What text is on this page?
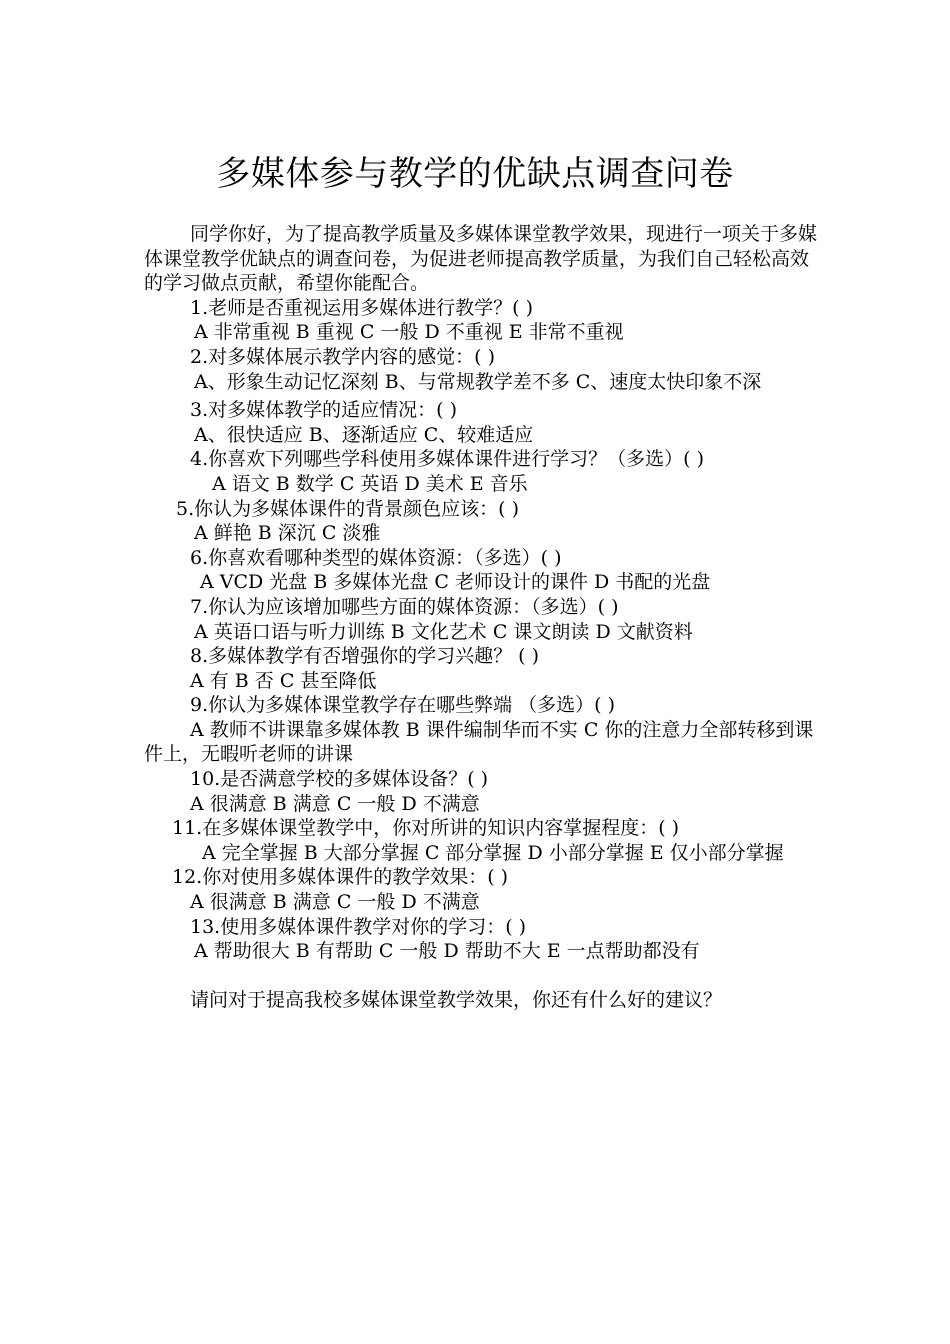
多媒体参与教学的优缺点调查问卷

同学你好，为了提高教学质量及多媒体课堂教学效果，现进行一项关于多媒体课堂教学优缺点的调查问卷，为促进老师提高教学质量，为我们自己轻松高效的学习做点贡献，希望你能配合。

1.老师是否重视运用多媒体进行教学？( )

A 非常重视 B 重视 C 一般 D 不重视 E 非常不重视

2.对多媒体展示教学内容的感觉：( )

A、形象生动记忆深刻 B、与常规教学差不多 C、速度太快印象不深

3.对多媒体教学的适应情况：( )

A、很快适应 B、逐渐适应 C、较难适应

4.你喜欢下列哪些学科使用多媒体课件进行学习？（多选）( )

A 语文 B 数学 C 英语 D 美术 E 音乐

5.你认为多媒体课件的背景颜色应该：( )

A 鲜艳 B 深沉 C 淡雅

6.你喜欢看哪种类型的媒体资源：（多选）( )

A VCD 光盘 B 多媒体光盘 C 老师设计的课件 D 书配的光盘

7.你认为应该增加哪些方面的媒体资源：（多选）( )

A 英语口语与听力训练 B 文化艺术 C 课文朗读 D 文献资料

8.多媒体教学有否增强你的学习兴趣？ ( )

A 有 B 否 C 甚至降低

9.你认为多媒体课堂教学存在哪些弊端 （多选）( )

A 教师不讲课靠多媒体教 B 课件编制华而不实 C 你的注意力全部转移到课件上，无暇听老师的讲课

10.是否满意学校的多媒体设备？( )

A 很满意 B 满意 C 一般 D 不满意

11.在多媒体课堂教学中，你对所讲的知识内容掌握程度：( )

A 完全掌握 B 大部分掌握 C 部分掌握 D 小部分掌握 E 仅小部分掌握

12.你对使用多媒体课件的教学效果：( )

A 很满意 B 满意 C 一般 D 不满意

13.使用多媒体课件教学对你的学习：( )

A 帮助很大 B 有帮助 C 一般 D 帮助不大 E 一点帮助都没有

请问对于提高我校多媒体课堂教学效果，你还有什么好的建议？
